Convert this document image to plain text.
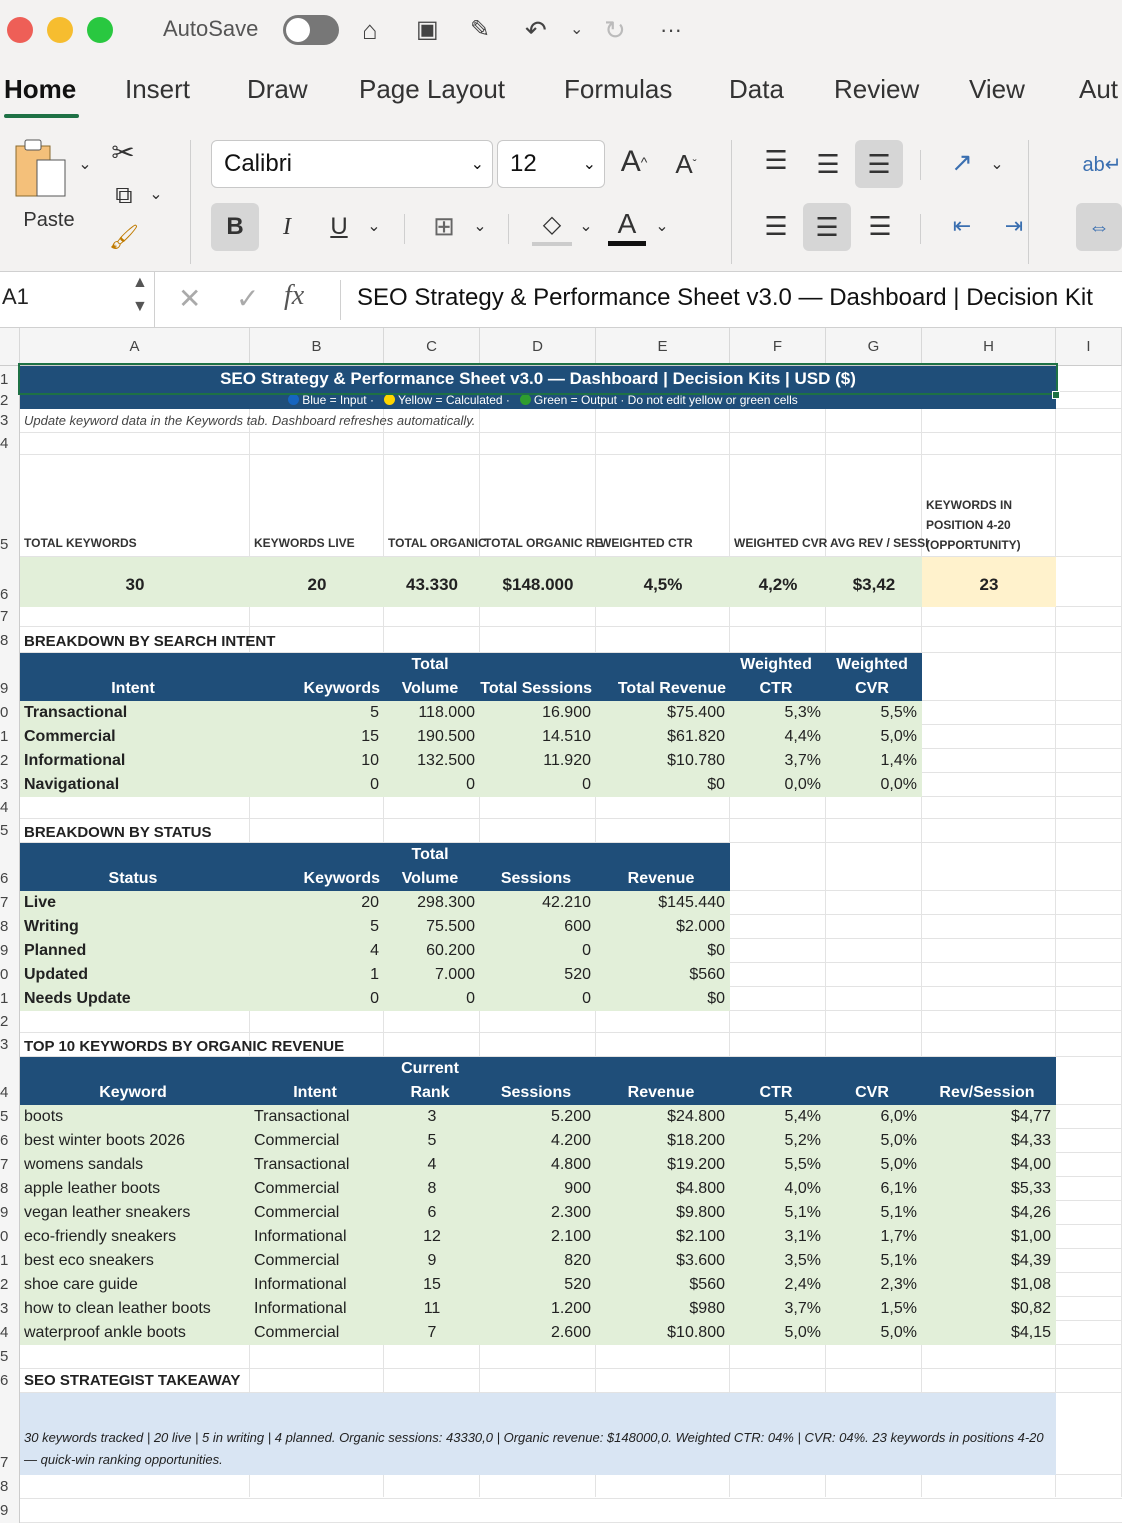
AutoSave	⌂ ▣ ✎ ↶ ⌄ ↻ ···
Home Insert Draw Page Layout Formulas Data Review View Aut
⌄
Paste
✂
⧉	⌄
🖌
Calibri	⌄ 12	⌄ A ^ A ˇ
B	I	U	⌄ ⊞	⌄	◇	⌄ A	⌄
☰ ☰	☰	↗	⌄	ab↵
☰	☰	☰	⇤	⇥	⇔
A1
▲
▼ ✕ ✓ fx SEO Strategy & Performance Sheet v3.0 — Dashboard | Decision Kit
A	B	C	D	E	F	G	H	I
1
2
3
4
5
6
7
8
9
0
1
2
3
4
5
6
7
8
9
0
1
2
3
4
5
6
7
8
9
0
1
2
3
4
5
6
7
8
9
SEO Strategy & Performance Sheet v3.0 — Dashboard | Decision Kits | USD ($)
Blue = Input · Yellow = Calculated · Green = Output · Do not edit yellow or green cells
Update keyword data in the Keywords tab. Dashboard refreshes automatically.
TOTAL KEYWORDS	KEYWORDS LIVE	TOTAL ORGANIC
TOTAL ORGANIC RE
WEIGHTED CTR	WEIGHTED CVR AVG REV / SESSI
KEYWORDS IN POSITION 4-20 (OPPORTUNITY)
30	20	43.330	$148.000	4,5%	4,2%	$3,42	23
BREAKDOWN BY SEARCH INTENT
Intent	Keywords
Total Volume	Total Sessions	Total Revenue
Weighted CTR
Weighted CVR
Transactional	5	118.000	16.900	$75.400	5,3%	5,5%
Commercial	15	190.500	14.510	$61.820	4,4%	5,0%
Informational	10	132.500	11.920	$10.780	3,7%	1,4%
Navigational	0	0	0	$0	0,0%	0,0%
BREAKDOWN BY STATUS
Status	Keywords
Total Volume	Sessions	Revenue
Live	20	298.300	42.210	$145.440
Writing	5	75.500	600	$2.000
Planned	4	60.200	0	$0
Updated	1	7.000	520	$560
Needs Update	0	0	0	$0
TOP 10 KEYWORDS BY ORGANIC REVENUE
Keyword	Intent
Current Rank	Sessions	Revenue	CTR	CVR	Rev/Session
boots	Transactional	3	5.200	$24.800	5,4%	6,0%	$4,77
best winter boots 2026	Commercial	5	4.200	$18.200	5,2%	5,0%	$4,33
womens sandals	Transactional	4	4.800	$19.200	5,5%	5,0%	$4,00
apple leather boots	Commercial	8	900	$4.800	4,0%	6,1%	$5,33
vegan leather sneakers	Commercial	6	2.300	$9.800	5,1%	5,1%	$4,26
eco-friendly sneakers	Informational	12	2.100	$2.100	3,1%	1,7%	$1,00
best eco sneakers	Commercial	9	820	$3.600	3,5%	5,1%	$4,39
shoe care guide	Informational	15	520	$560	2,4%	2,3%	$1,08
how to clean leather boots	Informational	11	1.200	$980	3,7%	1,5%	$0,82
waterproof ankle boots	Commercial	7	2.600	$10.800	5,0%	5,0%	$4,15
SEO STRATEGIST TAKEAWAY
30 keywords tracked | 20 live | 5 in writing | 4 planned. Organic sessions: 43330,0 | Organic revenue: $148000,0. Weighted CTR: 04% | CVR: 04%. 23 keywords in positions 4-20 — quick-win ranking opportunities.
